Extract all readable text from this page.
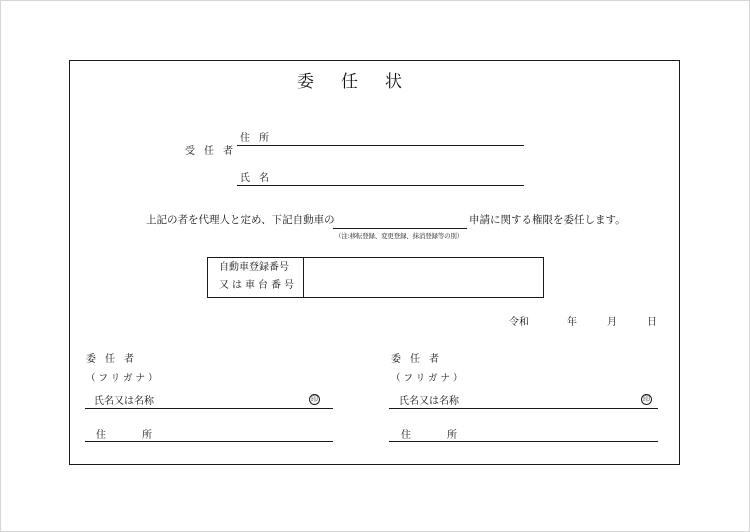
委任状
受任者
住所
氏名
上記の者を代理人と定め、下記自動車の
（注:移転登録、変更登録、抹消登録等の別）
申請に関する権限を委任します。
自動車登録番号
又は車台番号
令和	年	月	日
委任者
（フリガナ）
氏名又は名称	印
住所
委任者
（フリガナ）
氏名又は名称	印
住所
